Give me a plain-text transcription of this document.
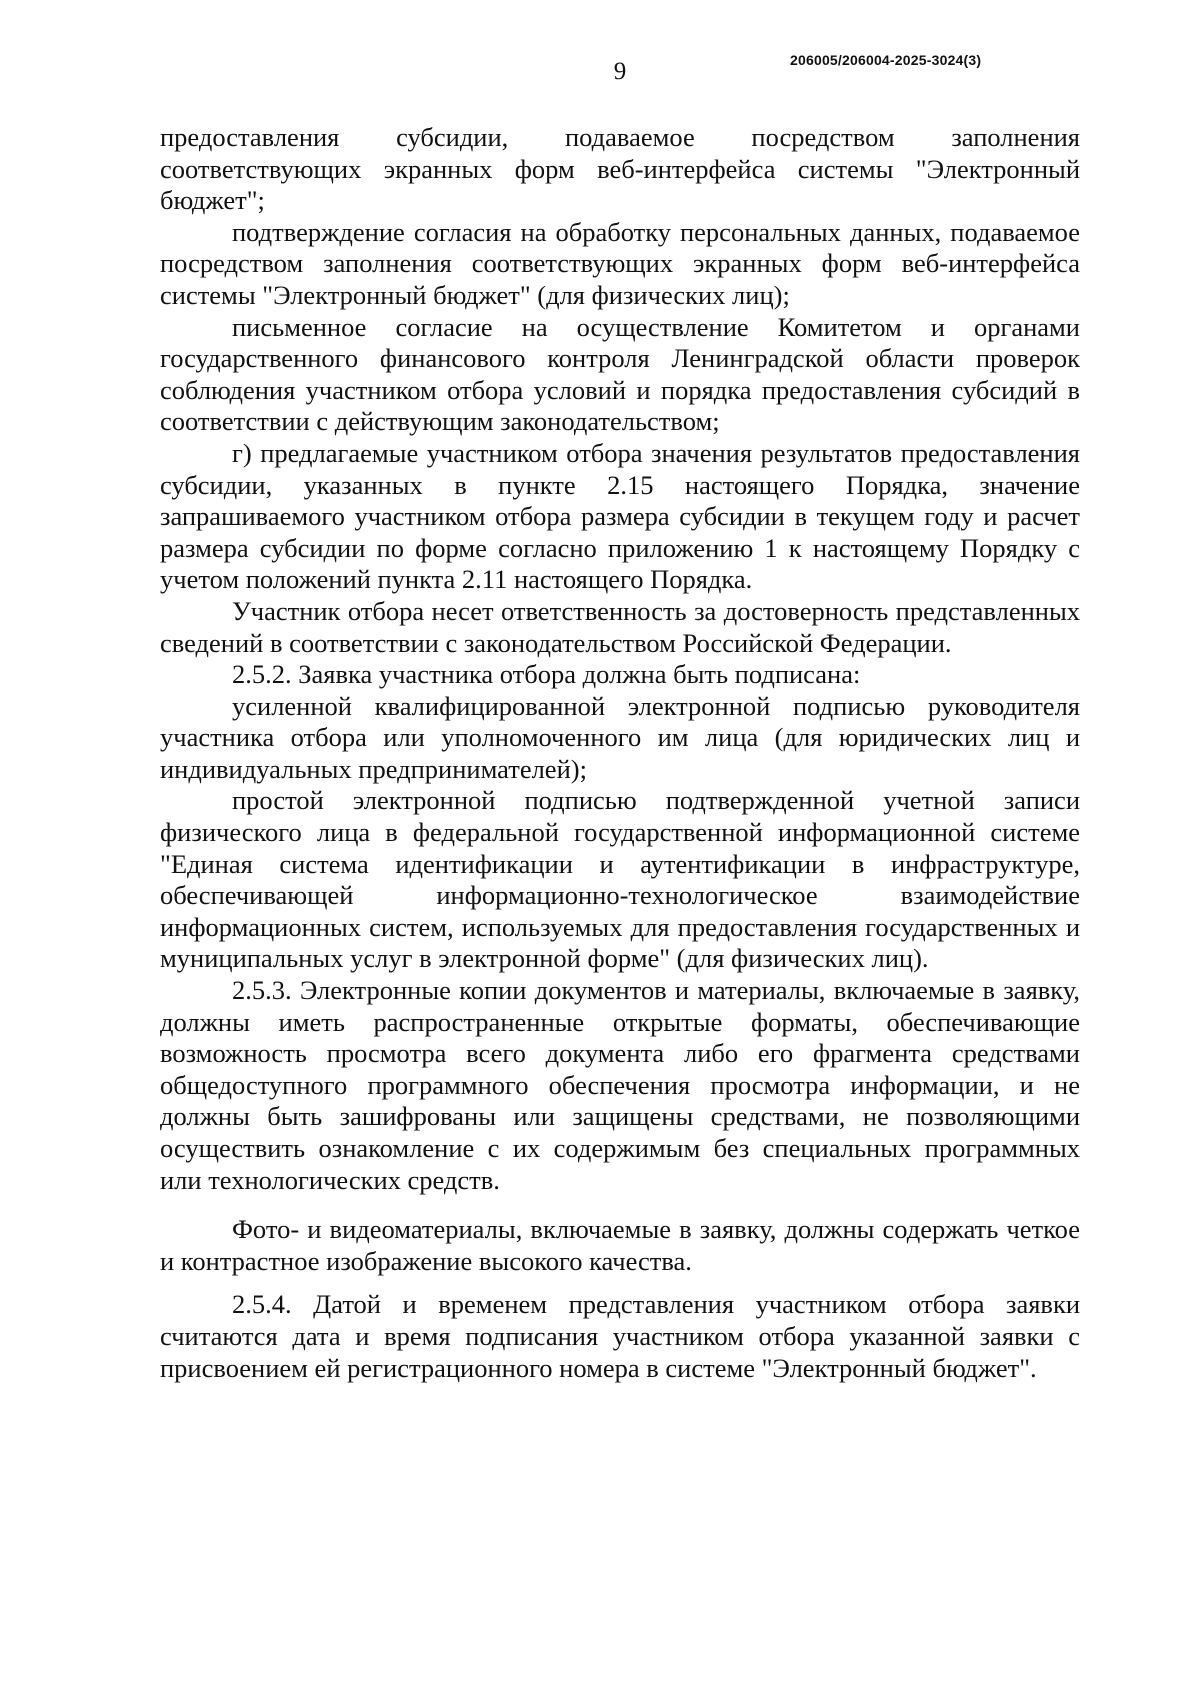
9	206005/206004-2025-3024(3)

предоставления субсидии, подаваемое посредством заполнения соответствующих экранных форм веб-интерфейса системы "Электронный бюджет";

подтверждение согласия на обработку персональных данных, подаваемое посредством заполнения соответствующих экранных форм веб-интерфейса системы "Электронный бюджет" (для физических лиц);

письменное согласие на осуществление Комитетом и органами государственного финансового контроля Ленинградской области проверок соблюдения участником отбора условий и порядка предоставления субсидий в соответствии с действующим законодательством;

г) предлагаемые участником отбора значения результатов предоставления субсидии, указанных в пункте 2.15 настоящего Порядка, значение запрашиваемого участником отбора размера субсидии в текущем году и расчет размера субсидии по форме согласно приложению 1 к настоящему Порядку с учетом положений пункта 2.11 настоящего Порядка.

Участник отбора несет ответственность за достоверность представленных сведений в соответствии с законодательством Российской Федерации.

2.5.2. Заявка участника отбора должна быть подписана:

усиленной квалифицированной электронной подписью руководителя участника отбора или уполномоченного им лица (для юридических лиц и индивидуальных предпринимателей);

простой электронной подписью подтвержденной учетной записи физического лица в федеральной государственной информационной системе "Единая система идентификации и аутентификации в инфраструктуре, обеспечивающей информационно-технологическое взаимодействие информационных систем, используемых для предоставления государственных и муниципальных услуг в электронной форме" (для физических лиц).

2.5.3. Электронные копии документов и материалы, включаемые в заявку, должны иметь распространенные открытые форматы, обеспечивающие возможность просмотра всего документа либо его фрагмента средствами общедоступного программного обеспечения просмотра информации, и не должны быть зашифрованы или защищены средствами, не позволяющими осуществить ознакомление с их содержимым без специальных программных или технологических средств.

Фото- и видеоматериалы, включаемые в заявку, должны содержать четкое и контрастное изображение высокого качества.

2.5.4. Датой и временем представления участником отбора заявки считаются дата и время подписания участником отбора указанной заявки с присвоением ей регистрационного номера в системе "Электронный бюджет".
